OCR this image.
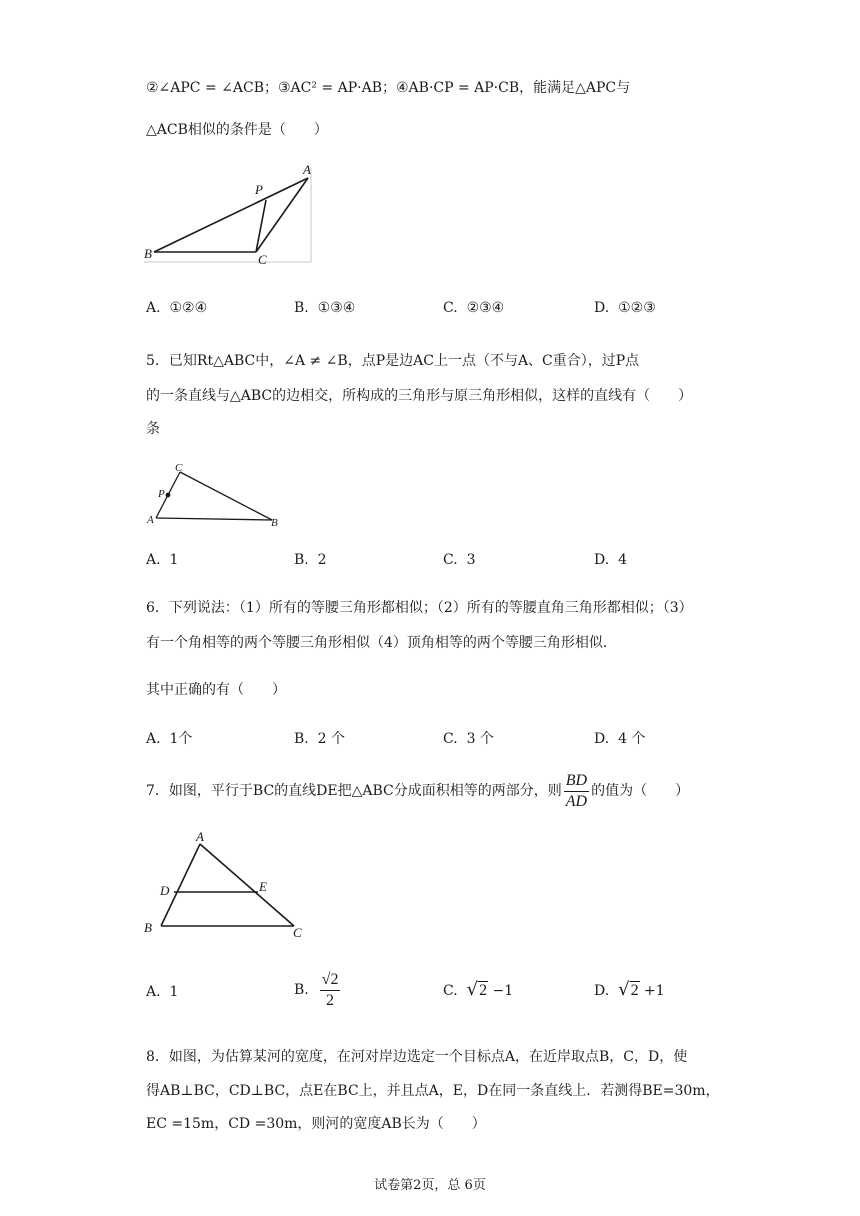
②∠APC = ∠ACB；③AC² = AP·AB；④AB·CP = AP·CB，能满足△APC与
△ACB相似的条件是（　　）
A
P
B	C
A. ①②④	B. ①③④	C. ②③④	D. ①②③
5．已知Rt△ABC中，∠A ≠ ∠B，点P是边AC上一点（不与A、C重合），过P点
的一条直线与△ABC的边相交，所构成的三角形与原三角形相似，这样的直线有（　　）
条
C
P
A	B
A. 1	B. 2	C. 3	D. 4
6．下列说法：（1）所有的等腰三角形都相似；（2）所有的等腰直角三角形都相似；（3）
有一个角相等的两个等腰三角形相似（4）顶角相等的两个等腰三角形相似.
其中正确的有（　　）
A. 1个	B. 2 个	C. 3 个	D. 4 个
7．如图，平行于BC的直线DE把△ABC分成面积相等的两部分，则 $\frac{BD}{AD}$ 的值为（　　）
A
D	E
B	C
A. 1	B. $\frac{√2}{2}$	C. √2 −1	D. √2 +1
8．如图，为估算某河的宽度，在河对岸边选定一个目标点A，在近岸取点B，C，D，使
得AB⊥BC，CD⊥BC，点E在BC上，并且点A，E，D在同一条直线上．若测得BE=30m，
EC =15m，CD =30m，则河的宽度AB长为（　　）
试卷第2页，总 6页
